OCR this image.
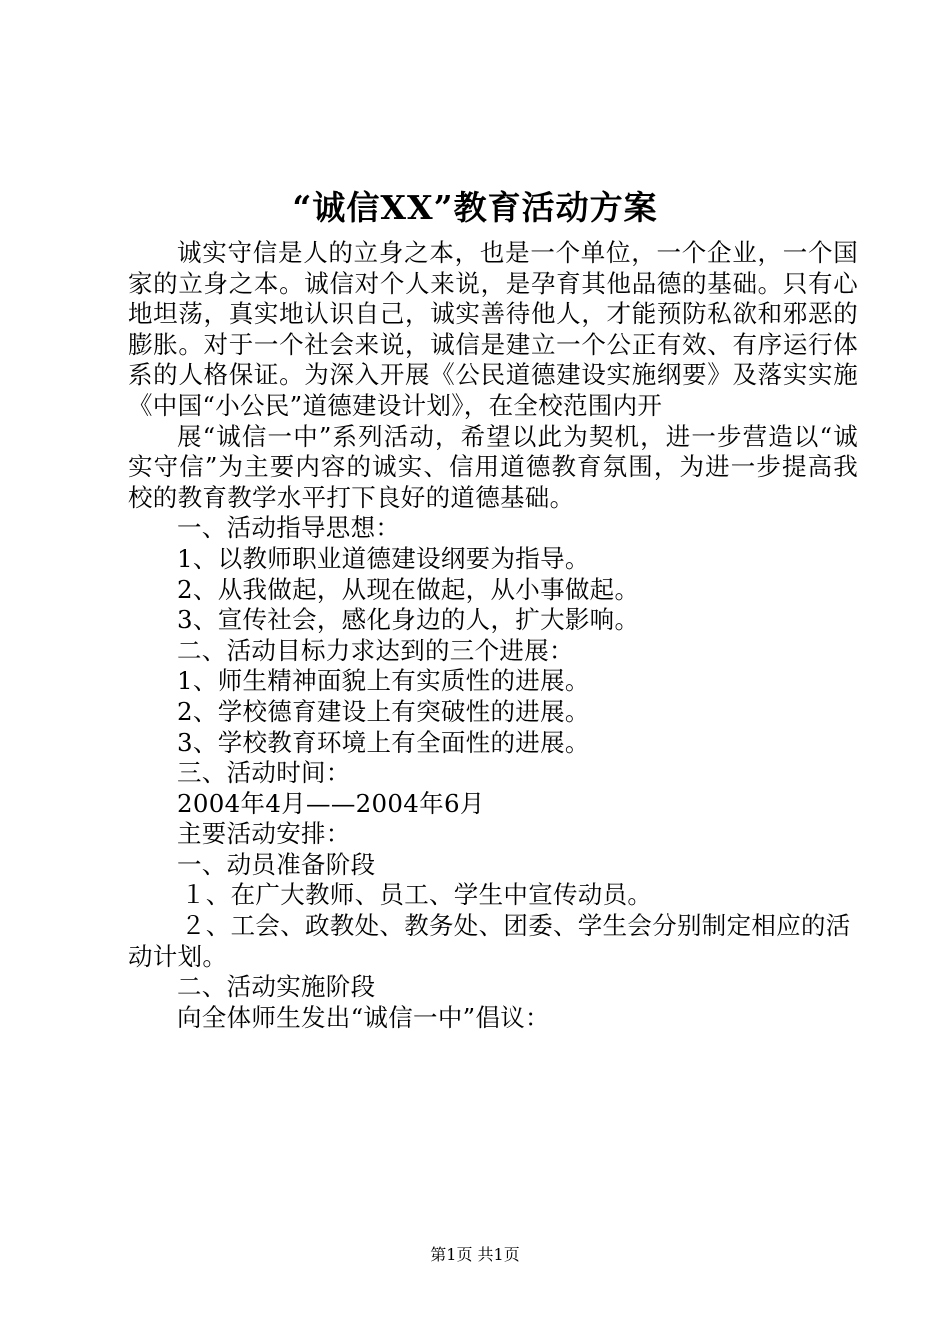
“诚信XX”教育活动方案

诚实守信是人的立身之本，也是一个单位，一个企业，一个国家的立身之本。诚信对个人来说，是孕育其他品德的基础。只有心地坦荡，真实地认识自己，诚实善待他人，才能预防私欲和邪恶的膨胀。对于一个社会来说，诚信是建立一个公正有效、有序运行体系的人格保证。为深入开展《公民道德建设实施纲要》及落实实施《中国“小公民”道德建设计划》，在全校范围内开

展“诚信一中”系列活动，希望以此为契机，进一步营造以“诚实守信”为主要内容的诚实、信用道德教育氛围，为进一步提高我校的教育教学水平打下良好的道德基础。

一、活动指导思想：

1、以教师职业道德建设纲要为指导。

2、从我做起，从现在做起，从小事做起。

3、宣传社会，感化身边的人，扩大影响。

二、活动目标力求达到的三个进展：

1、师生精神面貌上有实质性的进展。

2、学校德育建设上有突破性的进展。

3、学校教育环境上有全面性的进展。

三、活动时间：

2004年4月——2004年6月

主要活动安排：

一、动员准备阶段

１、在广大教师、员工、学生中宣传动员。

２、工会、政教处、教务处、团委、学生会分别制定相应的活动计划。

二、活动实施阶段

向全体师生发出“诚信一中”倡议：

第1页 共1页
